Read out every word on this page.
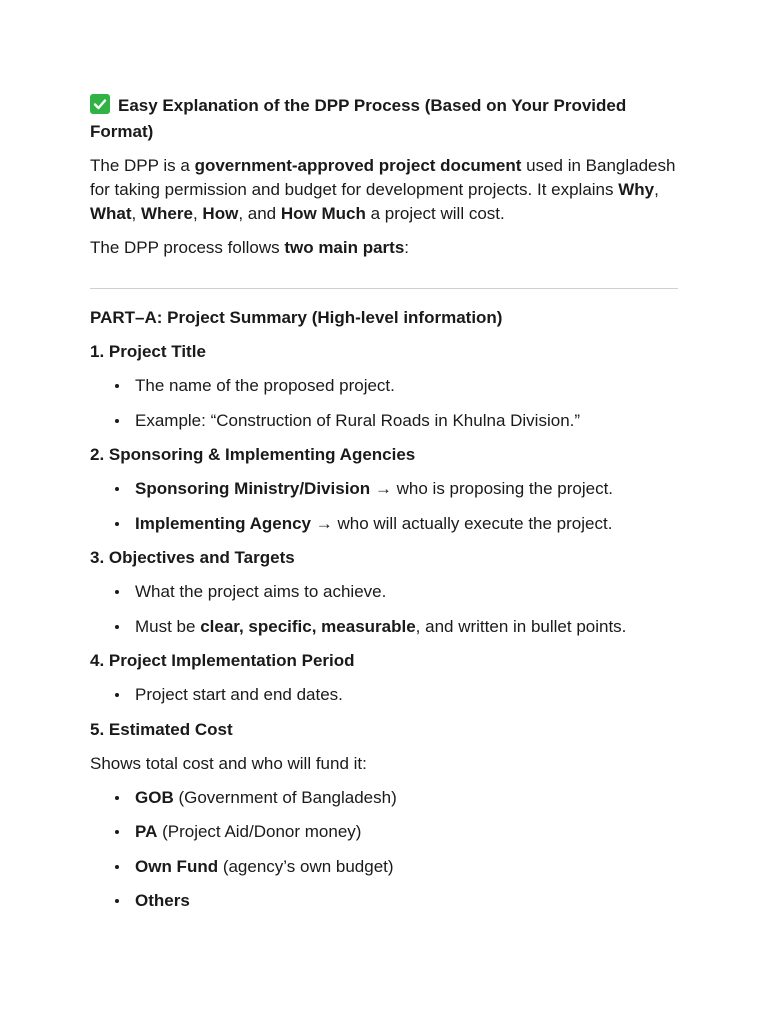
Easy Explanation of the DPP Process (Based on Your Provided Format)

The DPP is a government-approved project document used in Bangladesh for taking permission and budget for development projects. It explains Why, What, Where, How, and How Much a project will cost.

The DPP process follows two main parts:

PART–A: Project Summary (High-level information)

1. Project Title

The name of the proposed project.
Example: “Construction of Rural Roads in Khulna Division.”

2. Sponsoring & Implementing Agencies

Sponsoring Ministry/Division → who is proposing the project.
Implementing Agency → who will actually execute the project.

3. Objectives and Targets

What the project aims to achieve.
Must be clear, specific, measurable, and written in bullet points.

4. Project Implementation Period

Project start and end dates.

5. Estimated Cost

Shows total cost and who will fund it:

GOB (Government of Bangladesh)
PA (Project Aid/Donor money)
Own Fund (agency’s own budget)
Others
